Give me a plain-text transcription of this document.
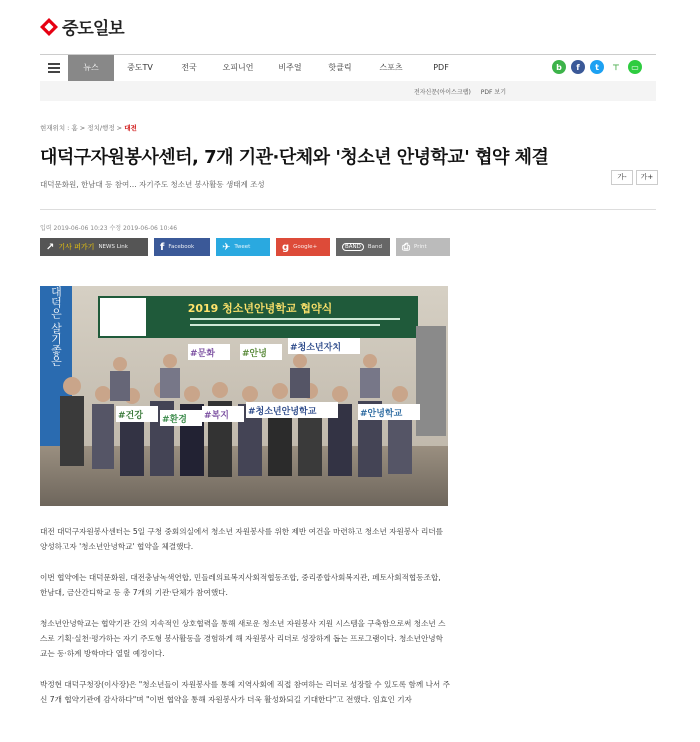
중도일보
뉴스	중도TV	전국	오피니언	비주얼	핫클릭	스포츠	PDF	b	f	t	⊤	▭
전자신문(아이스크랩) PDF 보기
현재위치 : 홈 > 정치/행정 > 대전
대덕구자원봉사센터, 7개 기관·단체와 '청소년 안녕학교' 협약 체결
대덕문화원, 한남대 등 참여… 자기주도 청소년 봉사활동 생태계 조성
가-	가+
입력 2019-06-06 10:23 수정 2019-06-06 10:46
↗ 기사 퍼가기 NEWS Link	f Facebook	✈ Tweet	g Google+	BAND	Band ⎙ Print
대덕은 살기좋은	2019 청소년안녕학교 협약식
#문화	#안녕
#청소년자치
#건강 #환경 #복지 #청소년안녕학교	#안녕학교
대전 대덕구자원봉사센터는 5일 구청 중회의실에서 청소년 자원봉사를 위한 제반 여건을 마련하고 청소년 자원봉사 리더를 양성하고자 '청소년안녕학교' 협약을 체결했다.
이번 협약에는 대덕문화원, 대전충남녹색연합, 민들레의료복지사회적협동조합, 중리종합사회복지관, 페토사회적협동조합, 한남대, 금산간디학교 등 총 7개의 기관·단체가 참여했다.
청소년안녕학교는 협약기관 간의 지속적인 상호협력을 통해 새로운 청소년 자원봉사 지원 시스템을 구축함으로써 청소년 스스로 기획·실천·평가하는 자기 주도형 봉사활동을 경험하게 해 자원봉사 리더로 성장하게 돕는 프로그램이다. 청소년안녕학교는 동·하계 방학마다 열릴 예정이다.
박정현 대덕구청장(이사장)은 "청소년들이 자원봉사를 통해 지역사회에 직접 참여하는 리더로 성장할 수 있도록 함께 나서 주신 7개 협약기관에 감사하다"며 "이번 협약을 통해 자원봉사가 더욱 활성화되길 기대한다"고 전했다. 임효인 기자
